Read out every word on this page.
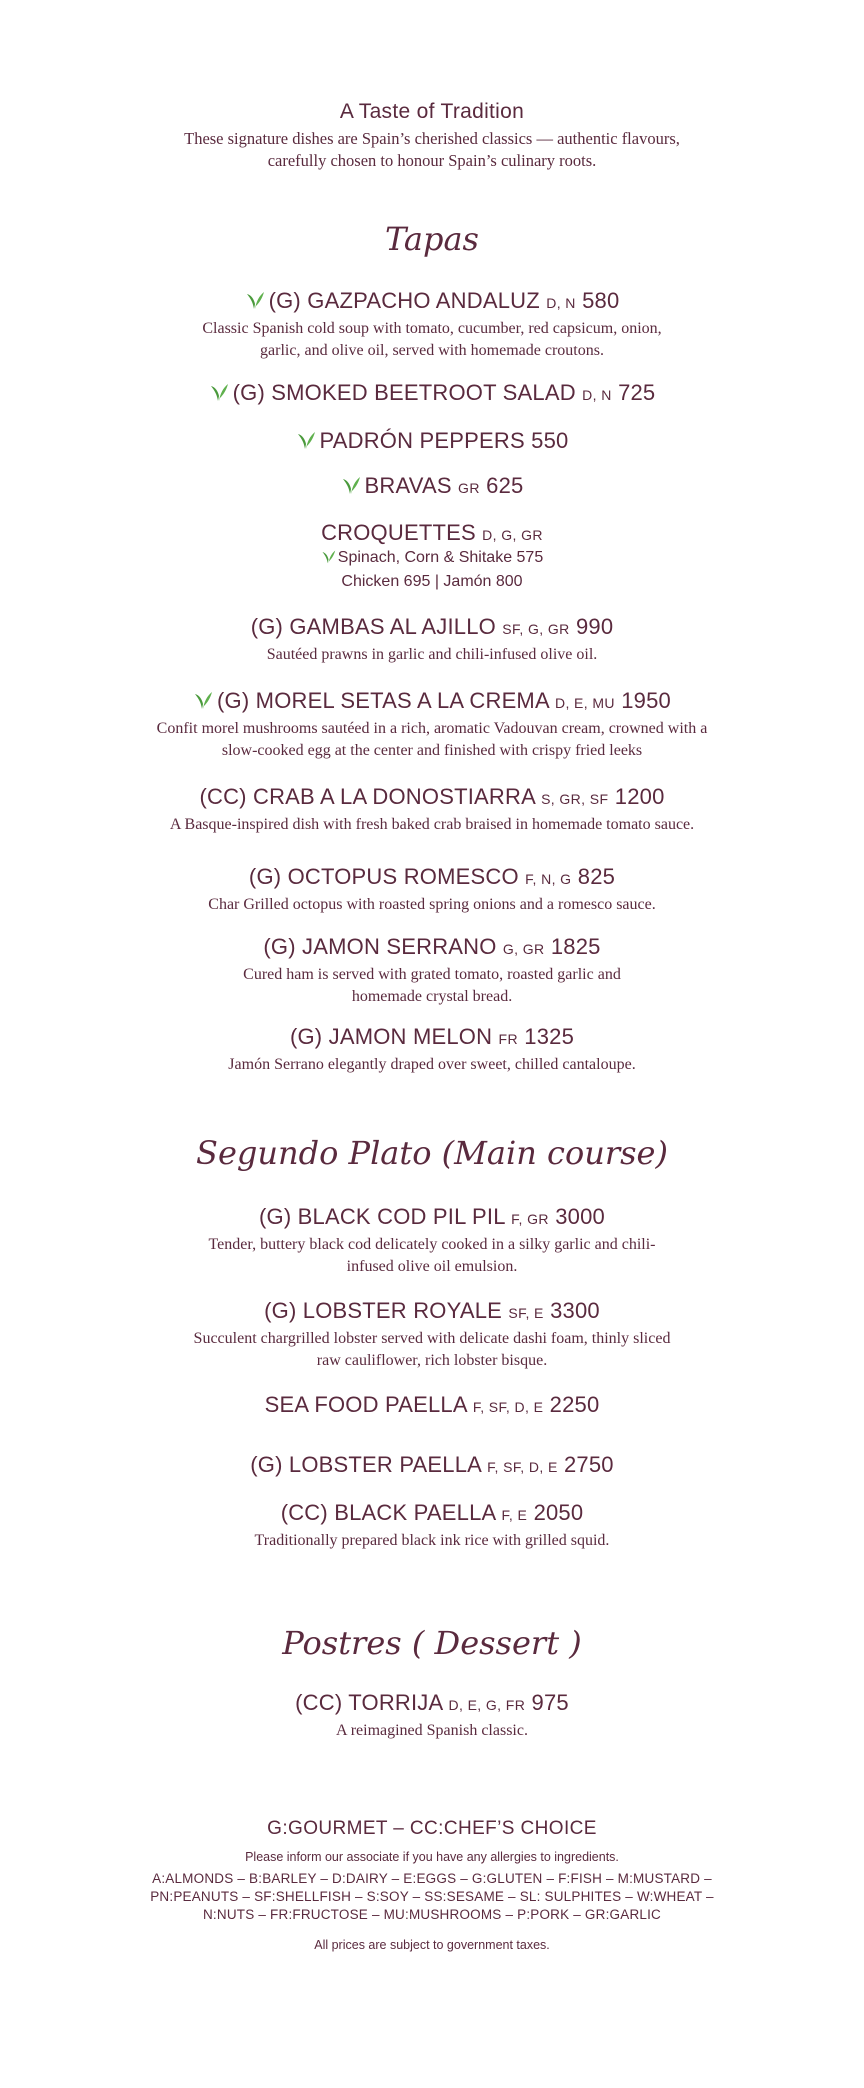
A Taste of Tradition
These signature dishes are Spain’s cherished classics — authentic flavours, carefully chosen to honour Spain’s culinary roots.
Tapas
(G) GAZPACHO ANDALUZ D, N 580
Classic Spanish cold soup with tomato, cucumber, red capsicum, onion, garlic, and olive oil, served with homemade croutons.
(G) SMOKED BEETROOT SALAD D, N 725
PADRÓN PEPPERS 550
BRAVAS GR 625
CROQUETTES D, G, GR
Spinach, Corn & Shitake 575
Chicken 695 | Jamón 800
(G) GAMBAS AL AJILLO SF, G, GR 990
Sautéed prawns in garlic and chili-infused olive oil.
(G) MOREL SETAS A LA CREMA D, E, MU 1950
Confit morel mushrooms sautéed in a rich, aromatic Vadouvan cream, crowned with a slow-cooked egg at the center and finished with crispy fried leeks
(CC) CRAB A LA DONOSTIARRA S, GR, SF 1200
A Basque-inspired dish with fresh baked crab braised in homemade tomato sauce.
(G) OCTOPUS ROMESCO F, N, G 825
Char Grilled octopus with roasted spring onions and a romesco sauce.
(G) JAMON SERRANO G, GR 1825
Cured ham is served with grated tomato, roasted garlic and homemade crystal bread.
(G) JAMON MELON FR 1325
Jamón Serrano elegantly draped over sweet, chilled cantaloupe.
Segundo Plato (Main course)
(G) BLACK COD PIL PIL F, GR 3000
Tender, buttery black cod delicately cooked in a silky garlic and chili-infused olive oil emulsion.
(G) LOBSTER ROYALE SF, E 3300
Succulent chargrilled lobster served with delicate dashi foam, thinly sliced raw cauliflower, rich lobster bisque.
SEA FOOD PAELLA F, SF, D, E 2250
(G) LOBSTER PAELLA F, SF, D, E 2750
(CC) BLACK PAELLA F, E 2050
Traditionally prepared black ink rice with grilled squid.
Postres ( Dessert )
(CC) TORRIJA D, E, G, FR 975
A reimagined Spanish classic.
G:GOURMET – CC:CHEF’S CHOICE
Please inform our associate if you have any allergies to ingredients.
A:ALMONDS – B:BARLEY – D:DAIRY – E:EGGS – G:GLUTEN – F:FISH – M:MUSTARD –
PN:PEANUTS – SF:SHELLFISH – S:SOY – SS:SESAME – SL: SULPHITES – W:WHEAT –
N:NUTS – FR:FRUCTOSE – MU:MUSHROOMS – P:PORK – GR:GARLIC
All prices are subject to government taxes.
